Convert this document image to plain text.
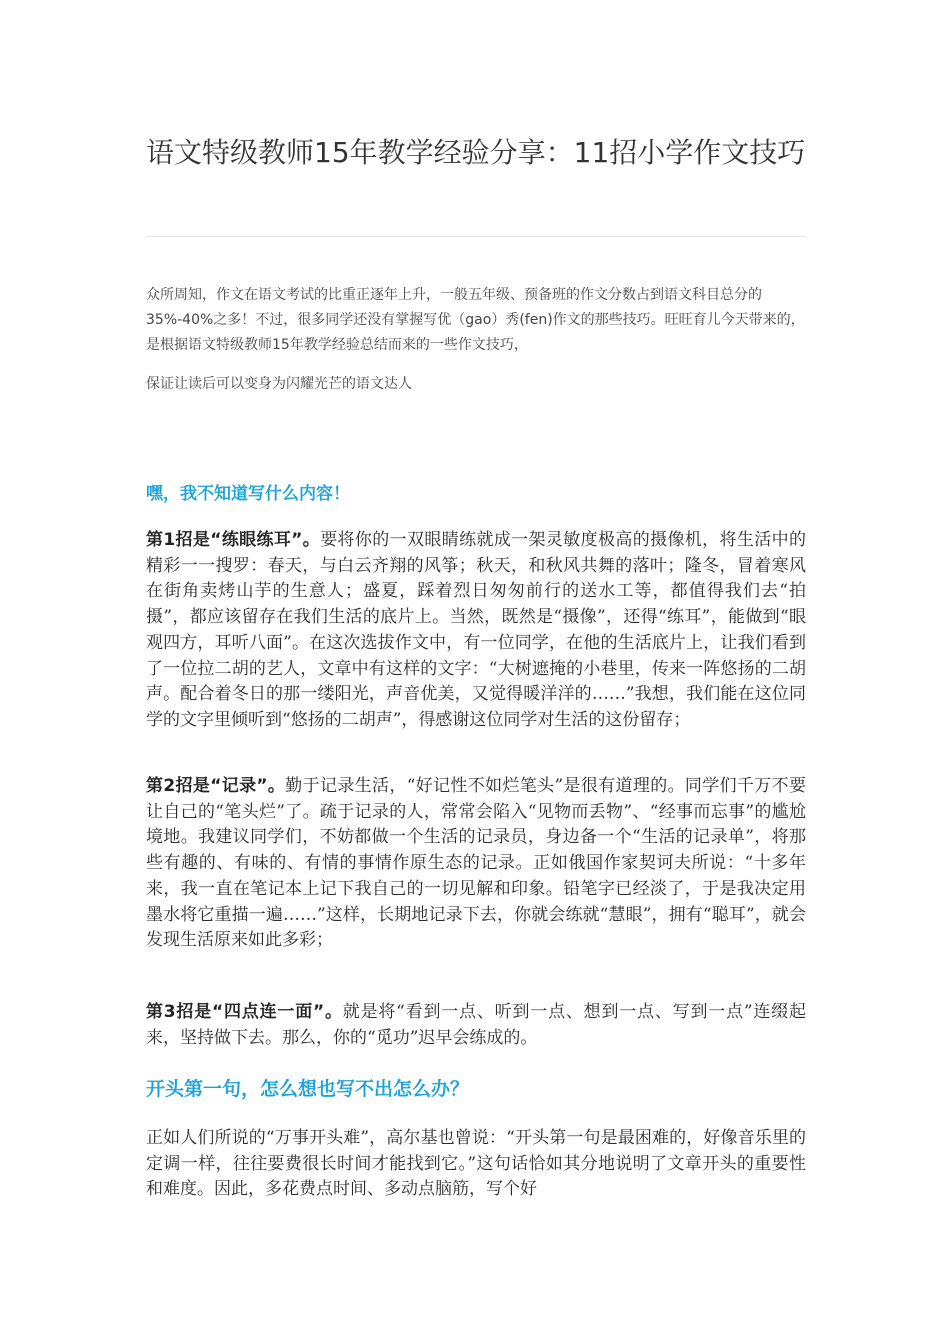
语文特级教师15年教学经验分享：11招小学作文技巧

众所周知，作文在语文考试的比重正逐年上升，一般五年级、预备班的作文分数占到语文科目总分的35%-40%之多！不过，很多同学还没有掌握写优（gao）秀(fen)作文的那些技巧。旺旺育儿今天带来的，是根据语文特级教师15年教学经验总结而来的一些作文技巧，

保证让读后可以变身为闪耀光芒的语文达人

嘿，我不知道写什么内容！

第1招是“练眼练耳”。要将你的一双眼睛练就成一架灵敏度极高的摄像机，将生活中的精彩一一搜罗：春天，与白云齐翔的风筝；秋天，和秋风共舞的落叶；隆冬，冒着寒风在街角卖烤山芋的生意人；盛夏，踩着烈日匆匆前行的送水工等，都值得我们去“拍摄”，都应该留存在我们生活的底片上。当然，既然是“摄像”，还得“练耳”，能做到“眼观四方，耳听八面”。在这次选拔作文中，有一位同学，在他的生活底片上，让我们看到了一位拉二胡的艺人，文章中有这样的文字：“大树遮掩的小巷里，传来一阵悠扬的二胡声。配合着冬日的那一缕阳光，声音优美，又觉得暖洋洋的……”我想，我们能在这位同学的文字里倾听到“悠扬的二胡声”，得感谢这位同学对生活的这份留存；

第2招是“记录”。勤于记录生活，“好记性不如烂笔头”是很有道理的。同学们千万不要让自己的“笔头烂”了。疏于记录的人，常常会陷入“见物而丢物”、“经事而忘事”的尴尬境地。我建议同学们，不妨都做一个生活的记录员，身边备一个“生活的记录单”，将那些有趣的、有味的、有情的事情作原生态的记录。正如俄国作家契诃夫所说：“十多年来，我一直在笔记本上记下我自己的一切见解和印象。铅笔字已经淡了，于是我决定用墨水将它重描一遍……”这样，长期地记录下去，你就会练就“慧眼”，拥有“聪耳”，就会发现生活原来如此多彩；

第3招是“四点连一面”。就是将“看到一点、听到一点、想到一点、写到一点”连缀起来，坚持做下去。那么，你的“觅功”迟早会练成的。

开头第一句，怎么想也写不出怎么办？

正如人们所说的“万事开头难”，高尔基也曾说：“开头第一句是最困难的，好像音乐里的定调一样，往往要费很长时间才能找到它。”这句话恰如其分地说明了文章开头的重要性和难度。因此，多花费点时间、多动点脑筋，写个好
